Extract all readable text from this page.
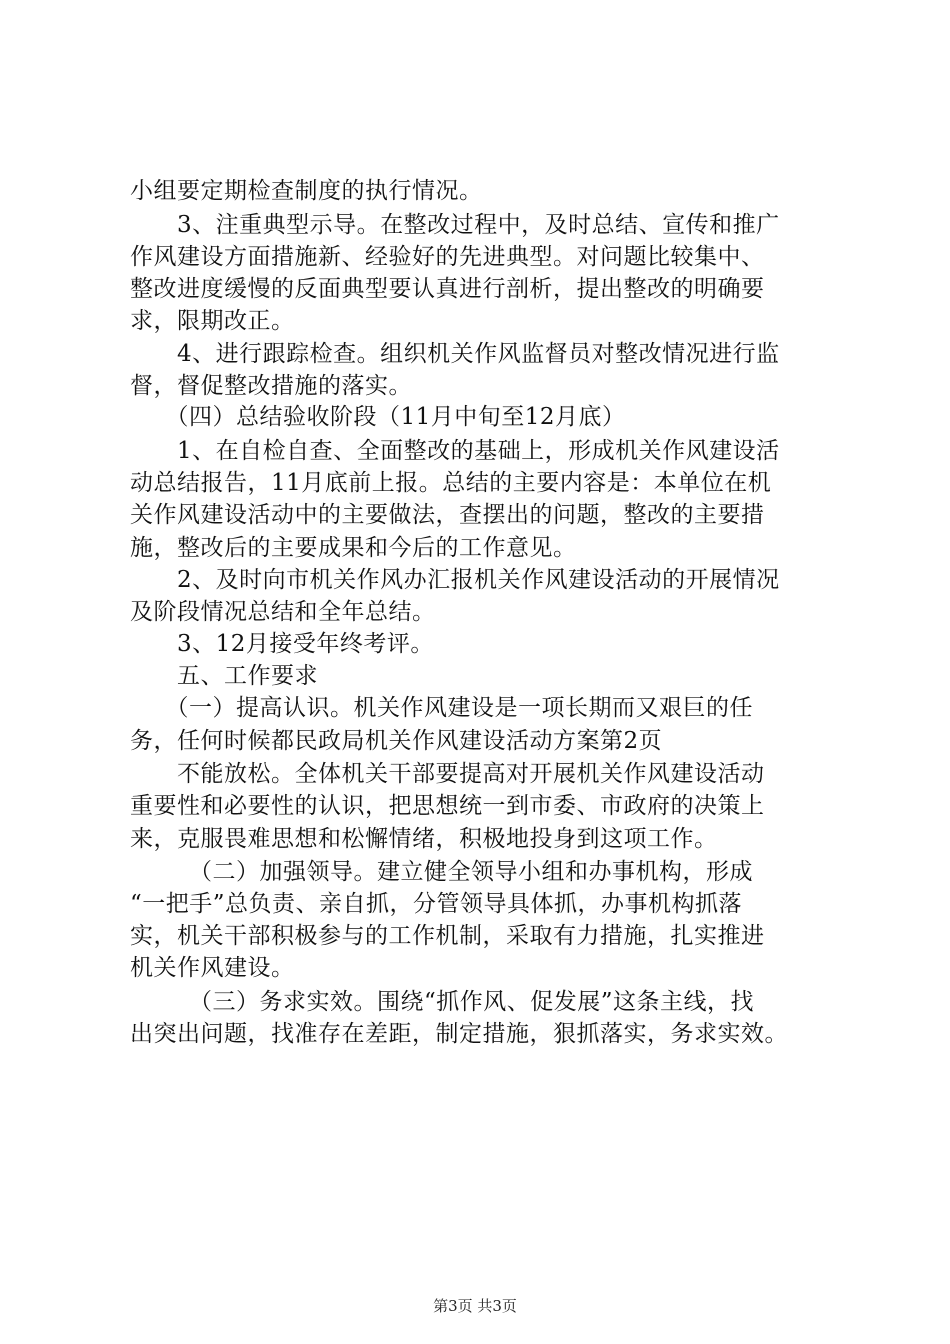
小组要定期检查制度的执行情况。
　　3、注重典型示导。在整改过程中，及时总结、宣传和推广
作风建设方面措施新、经验好的先进典型。对问题比较集中、
整改进度缓慢的反面典型要认真进行剖析，提出整改的明确要
求，限期改正。
　　4、进行跟踪检查。组织机关作风监督员对整改情况进行监
督，督促整改措施的落实。
　　（四）总结验收阶段（11月中旬至12月底）
　　1、在自检自查、全面整改的基础上，形成机关作风建设活
动总结报告，11月底前上报。总结的主要内容是：本单位在机
关作风建设活动中的主要做法，查摆出的问题，整改的主要措
施，整改后的主要成果和今后的工作意见。
　　2、及时向市机关作风办汇报机关作风建设活动的开展情况
及阶段情况总结和全年总结。
　　3、12月接受年终考评。
　　五、工作要求
　　（一）提高认识。机关作风建设是一项长期而又艰巨的任
务，任何时候都民政局机关作风建设活动方案第2页
　　不能放松。全体机关干部要提高对开展机关作风建设活动
重要性和必要性的认识，把思想统一到市委、市政府的决策上
来，克服畏难思想和松懈情绪，积极地投身到这项工作。
　　　（二）加强领导。建立健全领导小组和办事机构，形成
“一把手”总负责、亲自抓，分管领导具体抓，办事机构抓落
实，机关干部积极参与的工作机制，采取有力措施，扎实推进
机关作风建设。
　　　（三）务求实效。围绕“抓作风、促发展”这条主线，找
出突出问题，找准存在差距，制定措施，狠抓落实，务求实效。
第3页 共3页
